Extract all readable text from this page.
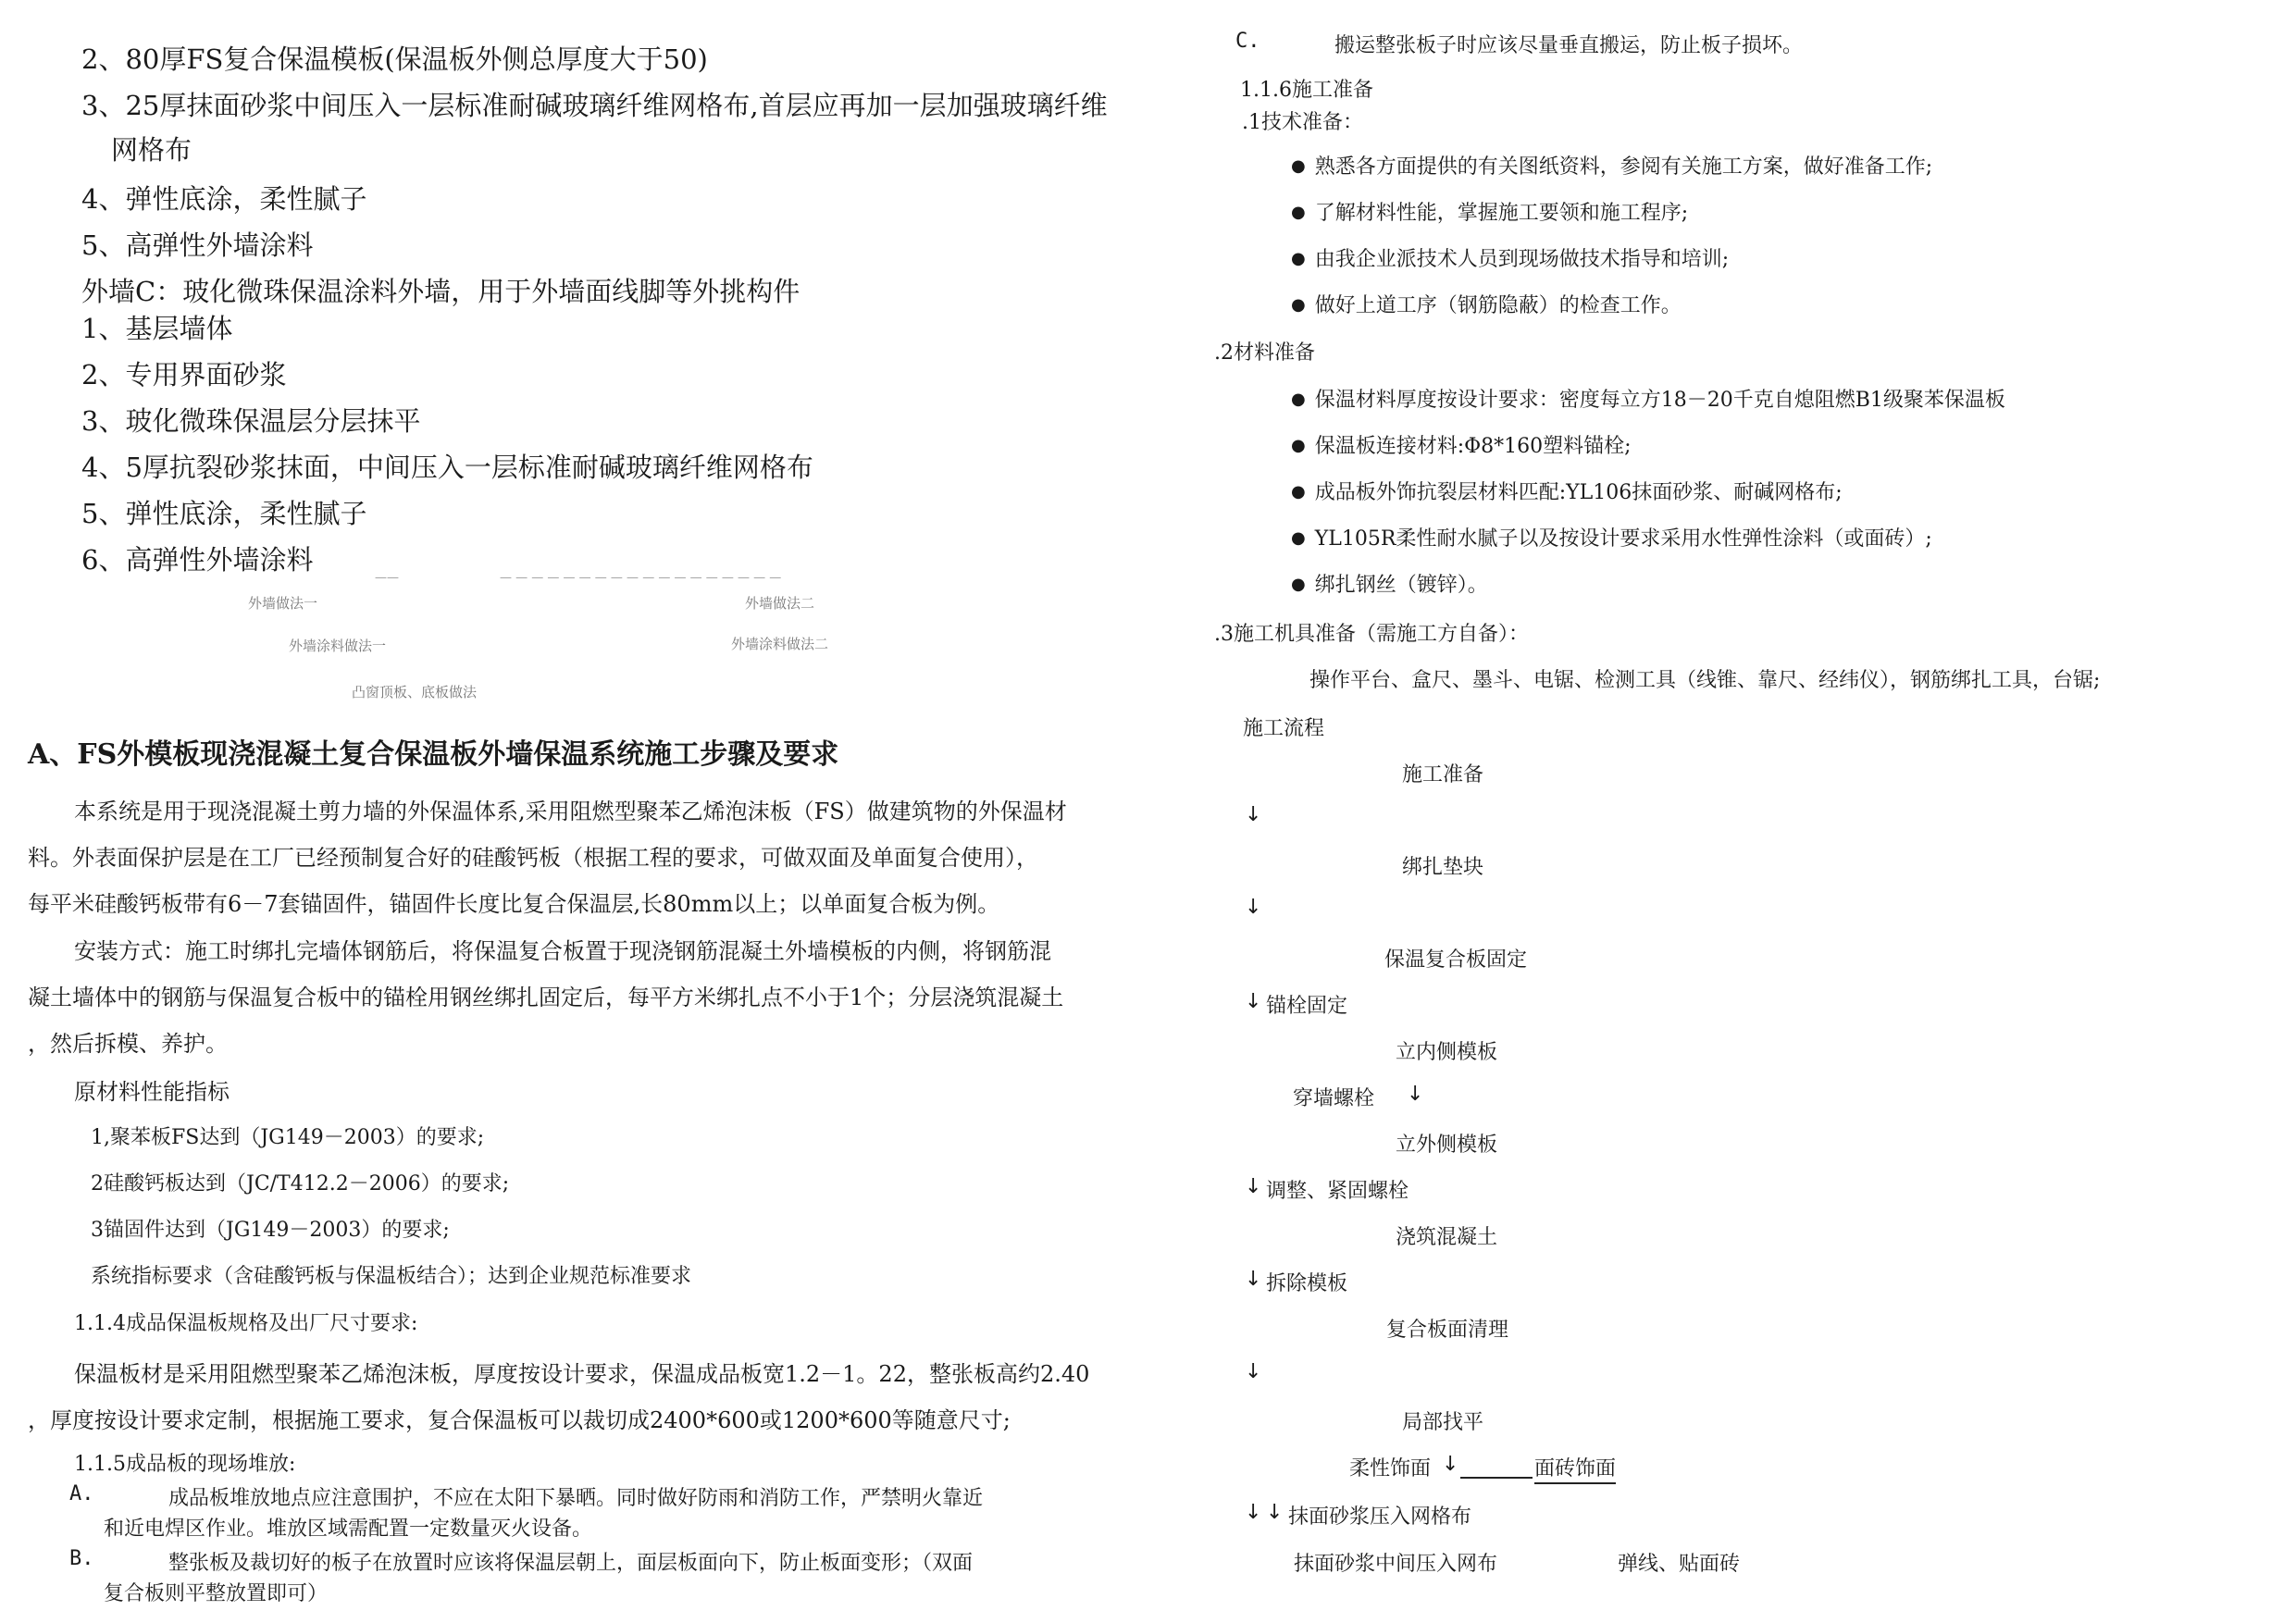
2、80厚FS复合保温模板(保温板外侧总厚度大于50)
3、25厚抹面砂浆中间压入一层标准耐碱玻璃纤维网格布,首层应再加一层加强玻璃纤维
网格布
4、弹性底涂，柔性腻子
5、高弹性外墙涂料
外墙C：玻化微珠保温涂料外墙，用于外墙面线脚等外挑构件
1、基层墙体
2、专用界面砂浆
3、玻化微珠保温层分层抹平
4、5厚抗裂砂浆抹面，中间压入一层标准耐碱玻璃纤维网格布
5、弹性底涂，柔性腻子
6、高弹性外墙涂料
——	— — — — — — — — — — — — — — — — — —
外墙做法一	外墙做法二
外墙涂料做法一	外墙涂料做法二
凸窗顶板、底板做法
A、FS外模板现浇混凝土复合保温板外墙保温系统施工步骤及要求
本系统是用于现浇混凝土剪力墙的外保温体系,采用阻燃型聚苯乙烯泡沫板（FS）做建筑物的外保温材
料。外表面保护层是在工厂已经预制复合好的硅酸钙板（根据工程的要求，可做双面及单面复合使用），
每平米硅酸钙板带有6－7套锚固件，锚固件长度比复合保温层,长80mm以上；以单面复合板为例。
安装方式：施工时绑扎完墙体钢筋后，将保温复合板置于现浇钢筋混凝土外墙模板的内侧，将钢筋混
凝土墙体中的钢筋与保温复合板中的锚栓用钢丝绑扎固定后，每平方米绑扎点不小于1个；分层浇筑混凝土
，然后拆模、养护。
原材料性能指标
1,聚苯板FS达到（JG149－2003）的要求;
2硅酸钙板达到（JC/T412.2－2006）的要求;
3锚固件达到（JG149－2003）的要求;
系统指标要求（含硅酸钙板与保温板结合）；达到企业规范标准要求
1.1.4成品保温板规格及出厂尺寸要求:
保温板材是采用阻燃型聚苯乙烯泡沫板，厚度按设计要求，保温成品板宽1.2－1。22，整张板高约2.40
，厚度按设计要求定制，根据施工要求，复合保温板可以裁切成2400*600或1200*600等随意尺寸;
1.1.5成品板的现场堆放:
A.	成品板堆放地点应注意围护，不应在太阳下暴晒。同时做好防雨和消防工作，严禁明火靠近
和近电焊区作业。堆放区域需配置一定数量灭火设备。
B.	整张板及裁切好的板子在放置时应该将保温层朝上，面层板面向下，防止板面变形；（双面
复合板则平整放置即可）
C.	搬运整张板子时应该尽量垂直搬运，防止板子损坏。
1.1.6施工准备
.1技术准备：
● 熟悉各方面提供的有关图纸资料，参阅有关施工方案，做好准备工作;
● 了解材料性能，掌握施工要领和施工程序;
● 由我企业派技术人员到现场做技术指导和培训;
● 做好上道工序（钢筋隐蔽）的检查工作。
.2材料准备
● 保温材料厚度按设计要求：密度每立方18－20千克自熄阻燃B1级聚苯保温板
● 保温板连接材料:Φ8*160塑料锚栓;
● 成品板外饰抗裂层材料匹配:YL106抹面砂浆、耐碱网格布;
● YL105R柔性耐水腻子以及按设计要求采用水性弹性涂料（或面砖）;
● 绑扎钢丝（镀锌）。
.3施工机具准备（需施工方自备）：
操作平台、盒尺、墨斗、电锯、检测工具（线锥、靠尺、经纬仪），钢筋绑扎工具，台锯;
施工流程
施工准备
↓
绑扎垫块
↓
保温复合板固定
↓ 锚栓固定
立内侧模板
穿墙螺栓 ↓
立外侧模板
↓ 调整、紧固螺栓
浇筑混凝土
↓ 拆除模板
复合板面清理
↓
局部找平
柔性饰面 ↓	面砖饰面
↓ ↓ 抹面砂浆压入网格布
抹面砂浆中间压入网布	弹线、贴面砖
